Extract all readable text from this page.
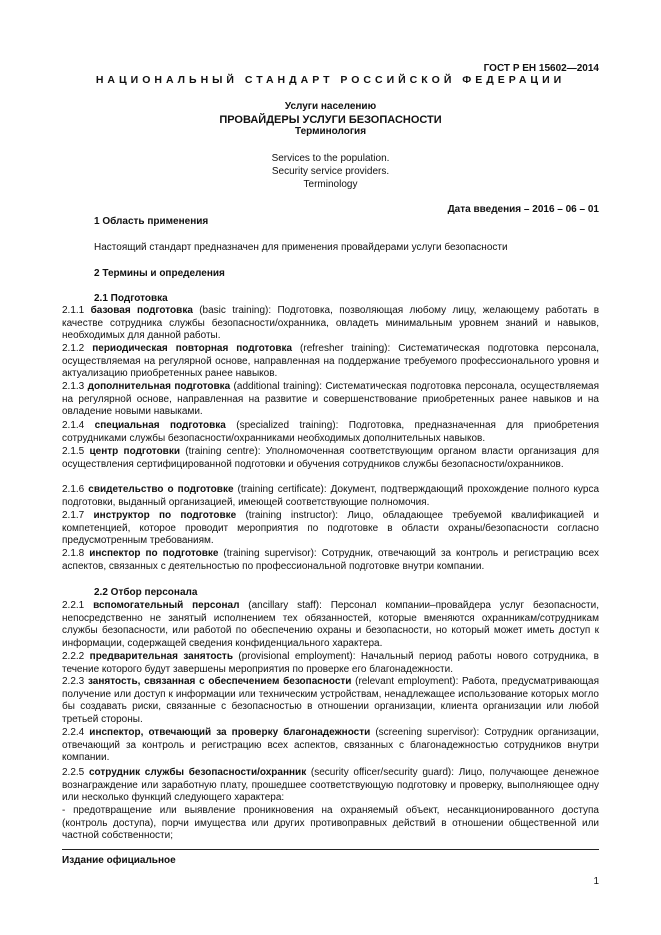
ГОСТ Р ЕН 15602—2014
НАЦИОНАЛЬНЫЙ СТАНДАРТ РОССИЙСКОЙ ФЕДЕРАЦИИ
Услуги населению
ПРОВАЙДЕРЫ УСЛУГИ БЕЗОПАСНОСТИ
Терминология
Services to the population.
Security service providers.
Terminology
Дата введения – 2016 – 06 – 01
1 Область применения
Настоящий стандарт предназначен для применения провайдерами услуги безопасности
2 Термины и определения
2.1 Подготовка
2.1.1 базовая подготовка (basic training): Подготовка, позволяющая любому лицу, желающему работать в качестве сотрудника службы безопасности/охранника, овладеть минимальным уровнем знаний и навыков, необходимых для данной работы.
2.1.2 периодическая повторная подготовка (refresher training): Систематическая подготовка персонала, осуществляемая на регулярной основе, направленная на поддержание требуемого профессионального уровня и актуализацию приобретенных ранее навыков.
2.1.3 дополнительная подготовка (additional training): Систематическая подготовка персонала, осуществляемая на регулярной основе, направленная на развитие и совершенствование приобретенных ранее навыков и на овладение новыми навыками.
2.1.4 специальная подготовка (specialized training): Подготовка, предназначенная для приобретения сотрудниками службы безопасности/охранниками необходимых дополнительных навыков.
2.1.5 центр подготовки (training centre): Уполномоченная соответствующим органом власти организация для осуществления сертифицированной подготовки и обучения сотрудников службы безопасности/охранников.
2.1.6 свидетельство о подготовке (training certificate): Документ, подтверждающий прохождение полного курса подготовки, выданный организацией, имеющей соответствующие полномочия.
2.1.7 инструктор по подготовке (training instructor): Лицо, обладающее требуемой квалификацией и компетенцией, которое проводит мероприятия по подготовке в области охраны/безопасности согласно предусмотренным требованиям.
2.1.8 инспектор по подготовке (training supervisor): Сотрудник, отвечающий за контроль и регистрацию всех аспектов, связанных с деятельностью по профессиональной подготовке внутри компании.
2.2 Отбор персонала
2.2.1 вспомогательный персонал (ancillary staff): Персонал компании–провайдера услуг безопасности, непосредственно не занятый исполнением тех обязанностей, которые вменяются охранникам/сотрудникам службы безопасности, или работой по обеспечению охраны и безопасности, но который может иметь доступ к информации, содержащей сведения конфиденциального характера.
2.2.2 предварительная занятость (provisional employment): Начальный период работы нового сотрудника, в течение которого будут завершены мероприятия по проверке его благонадежности.
2.2.3 занятость, связанная с обеспечением безопасности (relevant employment): Работа, предусматривающая получение или доступ к информации или техническим устройствам, ненадлежащее использование которых могло бы создавать риски, связанные с безопасностью в отношении организации, клиента организации или любой третьей стороны.
2.2.4 инспектор, отвечающий за проверку благонадежности (screening supervisor): Сотрудник организации, отвечающий за контроль и регистрацию всех аспектов, связанных с благонадежностью сотрудников внутри компании.
2.2.5 сотрудник службы безопасности/охранник (security officer/security guard): Лицо, получающее денежное вознаграждение или заработную плату, прошедшее соответствующую подготовку и проверку, выполняющее одну или несколько функций следующего характера:
- предотвращение или выявление проникновения на охраняемый объект, несанкционированного доступа (контроль доступа), порчи имущества или других противоправных действий в отношении общественной или частной собственности;
Издание официальное
1
